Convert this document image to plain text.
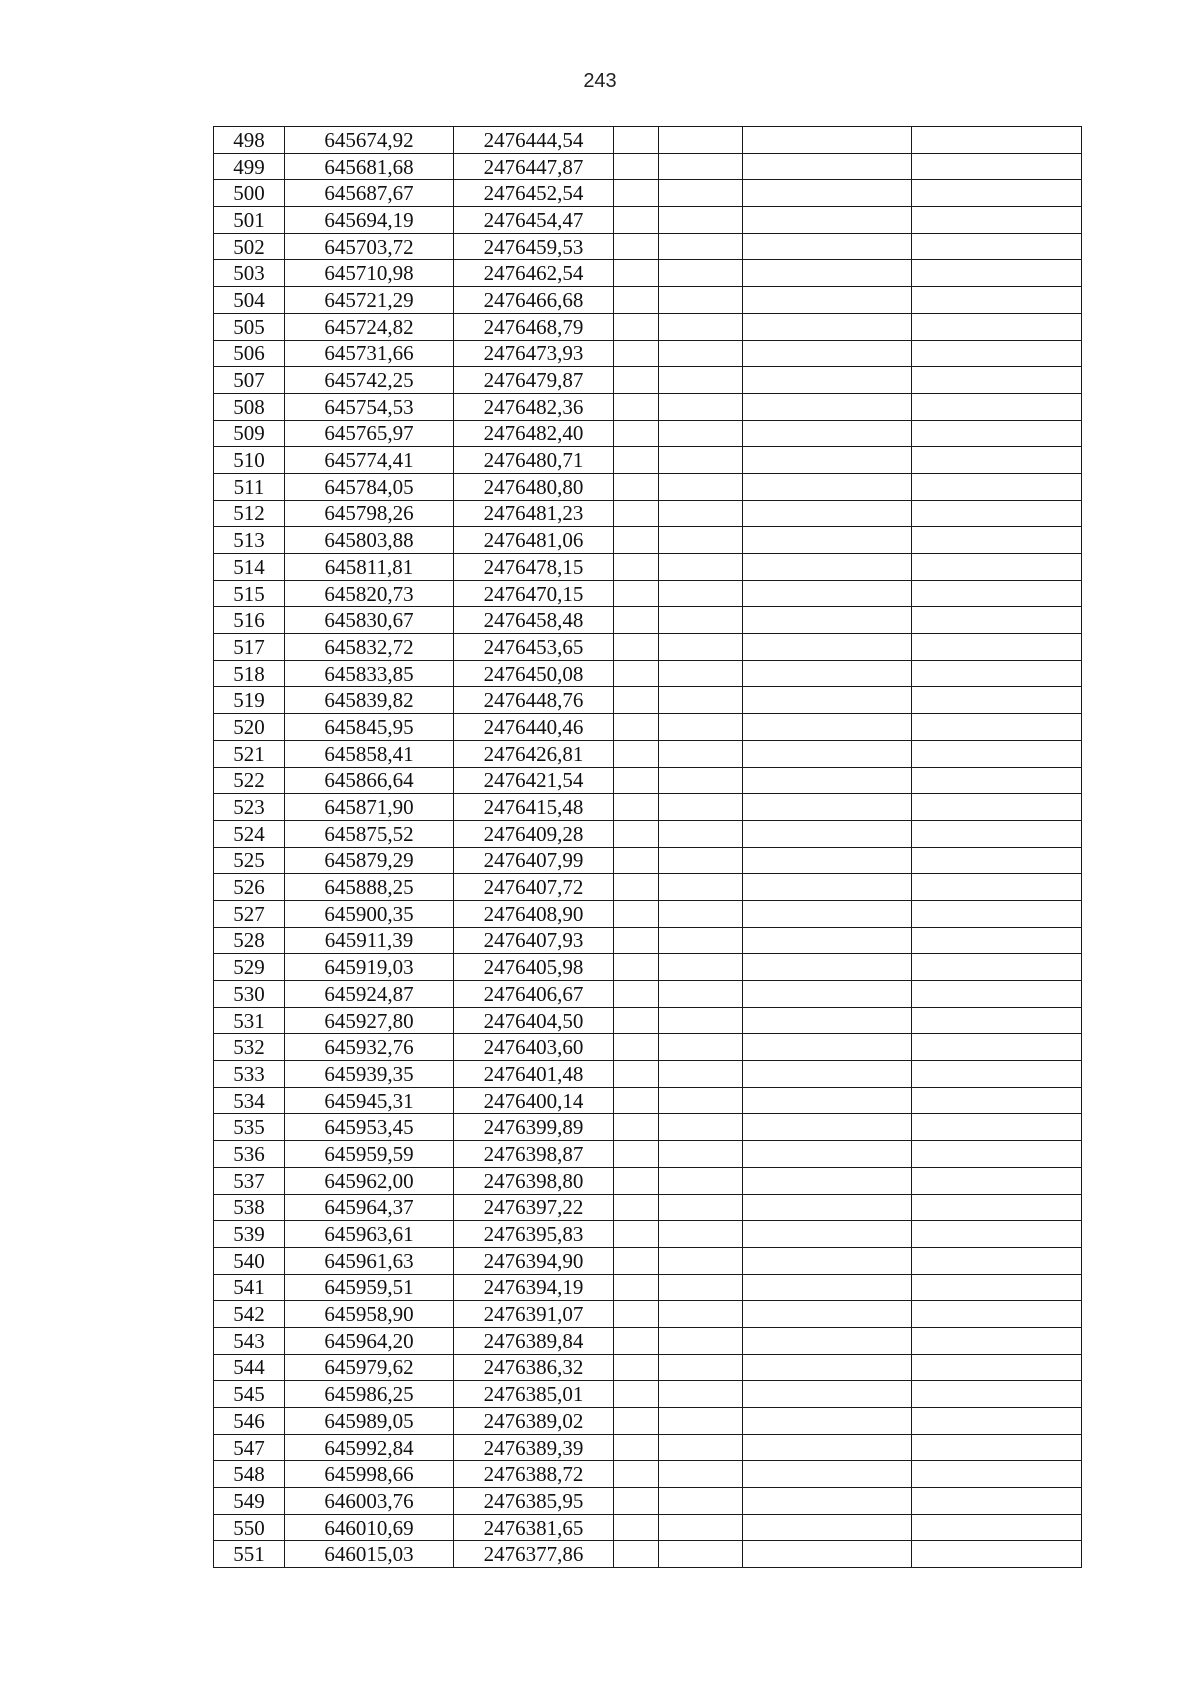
243
498	645674,92	2476444,54				
499	645681,68	2476447,87				
500	645687,67	2476452,54				
501	645694,19	2476454,47				
502	645703,72	2476459,53				
503	645710,98	2476462,54				
504	645721,29	2476466,68				
505	645724,82	2476468,79				
506	645731,66	2476473,93				
507	645742,25	2476479,87				
508	645754,53	2476482,36				
509	645765,97	2476482,40				
510	645774,41	2476480,71				
511	645784,05	2476480,80				
512	645798,26	2476481,23				
513	645803,88	2476481,06				
514	645811,81	2476478,15				
515	645820,73	2476470,15				
516	645830,67	2476458,48				
517	645832,72	2476453,65				
518	645833,85	2476450,08				
519	645839,82	2476448,76				
520	645845,95	2476440,46				
521	645858,41	2476426,81				
522	645866,64	2476421,54				
523	645871,90	2476415,48				
524	645875,52	2476409,28				
525	645879,29	2476407,99				
526	645888,25	2476407,72				
527	645900,35	2476408,90				
528	645911,39	2476407,93				
529	645919,03	2476405,98				
530	645924,87	2476406,67				
531	645927,80	2476404,50				
532	645932,76	2476403,60				
533	645939,35	2476401,48				
534	645945,31	2476400,14				
535	645953,45	2476399,89				
536	645959,59	2476398,87				
537	645962,00	2476398,80				
538	645964,37	2476397,22				
539	645963,61	2476395,83				
540	645961,63	2476394,90				
541	645959,51	2476394,19				
542	645958,90	2476391,07				
543	645964,20	2476389,84				
544	645979,62	2476386,32				
545	645986,25	2476385,01				
546	645989,05	2476389,02				
547	645992,84	2476389,39				
548	645998,66	2476388,72				
549	646003,76	2476385,95				
550	646010,69	2476381,65				
551	646015,03	2476377,86				
